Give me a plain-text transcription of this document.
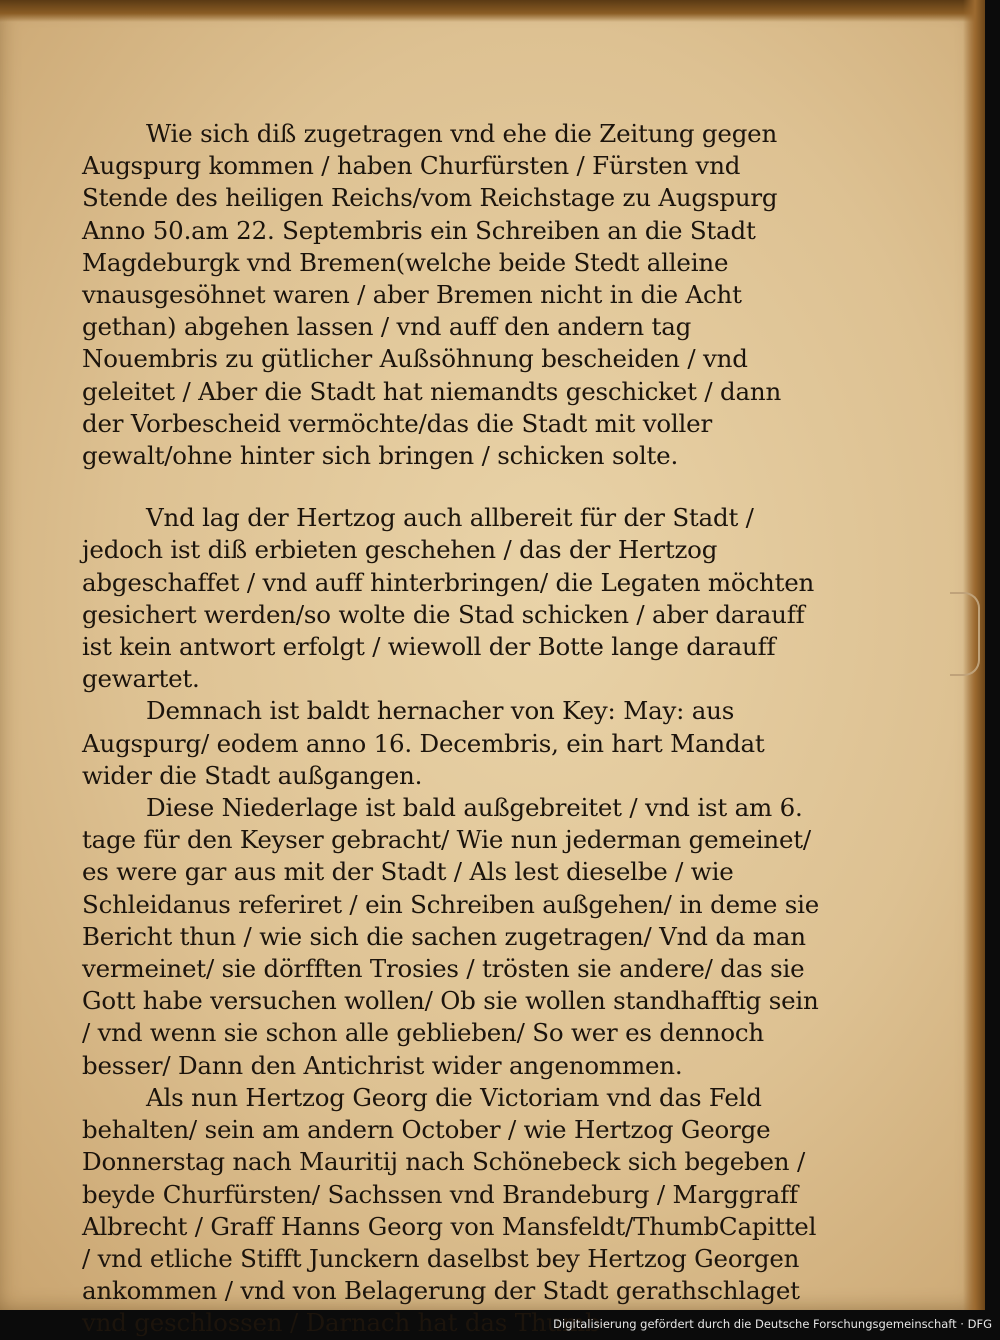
Wie sich diß zugetragen vnd ehe die Zeitung gegen Augspurg kommen / haben Churfürsten / Fürsten vnd Stende des heiligen Reichs/vom Reichstage zu Augspurg Anno 50.am 22. Septembris ein Schreiben an die Stadt Magdeburgk vnd Bremen(welche beide Stedt alleine vnausgesöhnet waren / aber Bremen nicht in die Acht gethan) abgehen lassen / vnd auff den andern tag Nouembris zu gütlicher Außsöhnung bescheiden / vnd geleitet / Aber die Stadt hat niemandts geschicket / dann der Vorbescheid vermöchte/das die Stadt mit voller gewalt/ohne hinter sich bringen / schicken solte.

Vnd lag der Hertzog auch allbereit für der Stadt / jedoch ist diß erbieten geschehen / das der Hertzog abgeschaffet / vnd auff hinterbringen/ die Legaten möchten gesichert werden/so wolte die Stad schicken / aber darauff ist kein antwort erfolgt / wiewoll der Botte lange darauff gewartet.

Demnach ist baldt hernacher von Key: May: aus Augspurg/ eodem anno 16. Decembris, ein hart Mandat wider die Stadt außgangen.

Diese Niederlage ist bald außgebreitet / vnd ist am 6. tage für den Keyser gebracht/ Wie nun jederman gemeinet/ es were gar aus mit der Stadt / Als lest dieselbe / wie Schleidanus referiret / ein Schreiben außgehen/ in deme sie Bericht thun / wie sich die sachen zugetragen/ Vnd da man vermeinet/ sie dörfften Trosies / trösten sie andere/ das sie Gott habe versuchen wollen/ Ob sie wollen standhafftig sein / vnd wenn sie schon alle geblieben/ So wer es dennoch besser/ Dann den Antichrist wider angenommen.

Als nun Hertzog Georg die Victoriam vnd das Feld behalten/ sein am andern October / wie Hertzog George Donnerstag nach Mauritij nach Schönebeck sich begeben / beyde Churfürsten/ Sachssen vnd Brandeburg / Marggraff Albrecht / Graff Hanns Georg von Mansfeldt/ThumbCapittel / vnd etliche Stifft Junckern daselbst bey Hertzog Georgen ankommen / vnd von Belagerung der Stadt gerathschlaget vnd geschlossen / Darnach hat das Thumb-

Digitalisierung gefördert durch die Deutsche Forschungsgemeinschaft · DFG
